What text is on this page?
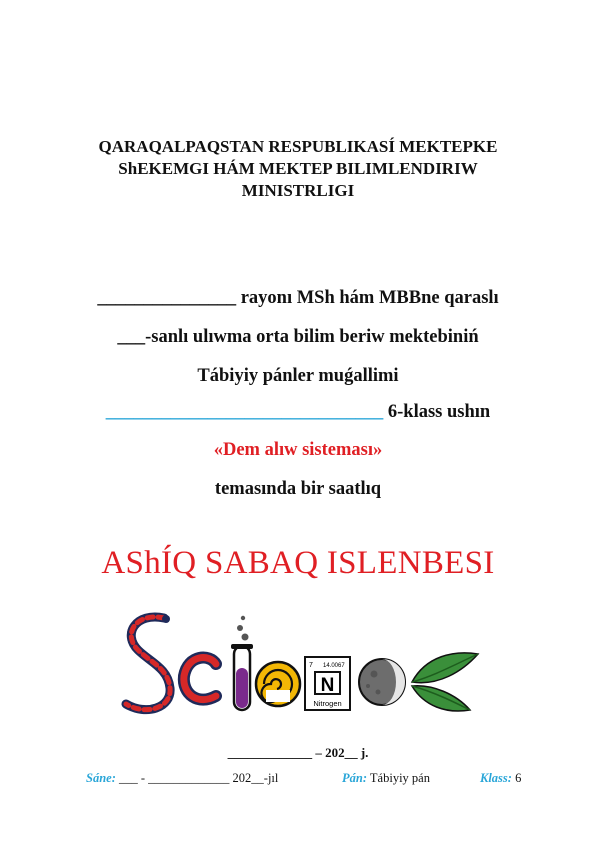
QARAQALPAQSTAN RESPUBLIKASÍ MEKTEPKE
ShEKEMGI HÁM MEKTEP BILIMLENDIRIW
MINISTRLIGI
_______________ rayonı MSh hám MBBne qaraslı
___-sanlı ulıwma orta bilim beriw mektebiniń
Tábiyiy pánler muǵallimi
______________________________ 6-klass ushın
«Dem alıw sisteması»
temasında bir saatlıq
AShÍQ SABAQ ISLENBESI
7 14.0067
N
Nitrogen
_____________ – 202__ j.
Sáne: ___ - _____________ 202__-jıl	Pán: Tábiyiy pán	Klass: 6
